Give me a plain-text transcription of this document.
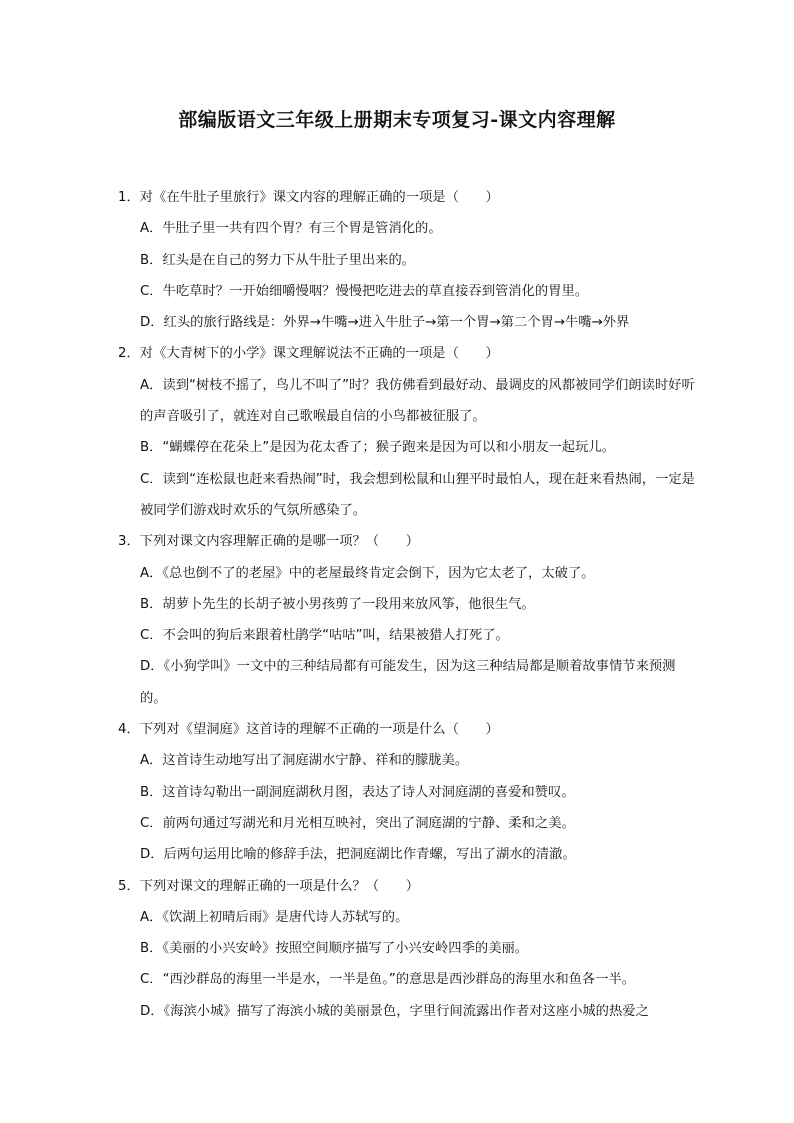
部编版语文三年级上册期末专项复习-课文内容理解
1．对《在牛肚子里旅行》课文内容的理解正确的一项是（　　）
A．牛肚子里一共有四个胃？有三个胃是管消化的。
B．红头是在自己的努力下从牛肚子里出来的。
C．牛吃草时？一开始细嚼慢咽？慢慢把吃进去的草直接吞到管消化的胃里。
D．红头的旅行路线是：外界→牛嘴→进入牛肚子→第一个胃→第二个胃→牛嘴→外界
2．对《大青树下的小学》课文理解说法不正确的一项是（　　）
A．读到“树枝不摇了，鸟儿不叫了”时？我仿佛看到最好动、最调皮的风都被同学们朗读时好听的声音吸引了，就连对自己歌喉最自信的小鸟都被征服了。
B．“蝴蝶停在花朵上”是因为花太香了；猴子跑来是因为可以和小朋友一起玩儿。
C．读到“连松鼠也赶来看热闹”时，我会想到松鼠和山狸平时最怕人，现在赶来看热闹，一定是被同学们游戏时欢乐的气氛所感染了。
3．下列对课文内容理解正确的是哪一项？（　　）
A．《总也倒不了的老屋》中的老屋最终肯定会倒下，因为它太老了，太破了。
B．胡萝卜先生的长胡子被小男孩剪了一段用来放风筝，他很生气。
C．不会叫的狗后来跟着杜鹃学“咕咕”叫，结果被猎人打死了。
D．《小狗学叫》一文中的三种结局都有可能发生，因为这三种结局都是顺着故事情节来预测的。
4．下列对《望洞庭》这首诗的理解不正确的一项是什么（　　）
A．这首诗生动地写出了洞庭湖水宁静、祥和的朦胧美。
B．这首诗勾勒出一副洞庭湖秋月图，表达了诗人对洞庭湖的喜爱和赞叹。
C．前两句通过写湖光和月光相互映衬，突出了洞庭湖的宁静、柔和之美。
D．后两句运用比喻的修辞手法，把洞庭湖比作青螺，写出了湖水的清澈。
5．下列对课文的理解正确的一项是什么？（　　）
A．《饮湖上初晴后雨》是唐代诗人苏轼写的。
B．《美丽的小兴安岭》按照空间顺序描写了小兴安岭四季的美丽。
C．“西沙群岛的海里一半是水，一半是鱼。”的意思是西沙群岛的海里水和鱼各一半。
D．《海滨小城》描写了海滨小城的美丽景色，字里行间流露出作者对这座小城的热爱之
